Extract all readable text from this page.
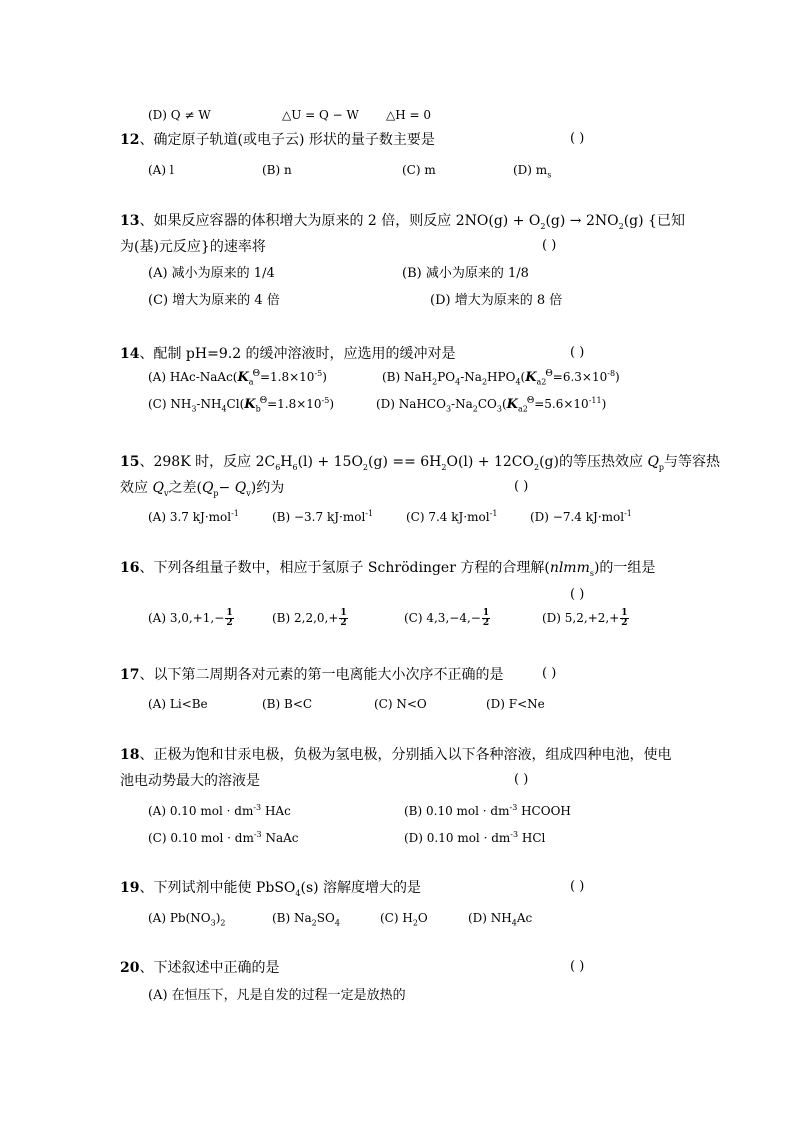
(D) Q ≠ W	△U = Q − W △H = 0
12、确定原子轨道(或电子云) 形状的量子数主要是	( )
(A) l	(B) n	(C) m	(D) $m_s$
13、如果反应容器的体积增大为原来的 2 倍，则反应 $2NO(g) + O_2(g) \to 2NO_2(g)$ {已知
为(基)元反应}的速率将	( )
(A) 减小为原来的 1/4	(B) 减小为原来的 1/8
(C) 增大为原来的 4 倍	(D) 增大为原来的 8 倍
14、配制 pH=9.2 的缓冲溶液时，应选用的缓冲对是	( )
(A) HAc-$NaAc(K_a^\Theta=1.8\times 10^{-5})$	(B) $NaH_2PO_4-Na_2HPO_4(K_{a2}^\Theta=6.3\times 10^{-8})$
(C) $NH_3-NH_4Cl(K_b^\Theta=1.8\times 10^{-5})$	(D) $NaHCO_3-Na_2CO_3(K_{a2}^\Theta=5.6\times 10^{-11})$
15、298K 时，反应 $2C_6H_6(l) + 15O_2(g) == 6H_2O(l) + 12CO_2(g)$的等压热效应 $Q_p$与等容热
效应 $Q_v$之差$(Q_p- Q_v)$约为	( )
(A) 3.7 kJ·mol$^{-1}$	(B) −3.7 kJ·mol$^{-1}$	(C) 7.4 kJ·mol$^{-1}$	(D) −7.4 kJ·mol$^{-1}$
16、下列各组量子数中，相应于氢原子 Schrödinger 方程的合理解(nlmm$_s$)的一组是
( )
(A) $3,0,+1,- \frac{1}{2}$	(B) $2,2,0,+ \frac{1}{2}$	(C) $4,3,-4,- \frac{1}{2}$	(D) $5,2,+2,+ \frac{1}{2}$
17、以下第二周期各对元素的第一电离能大小次序不正确的是	( )
(A) Li<Be	(B) B<C	(C) N<O	(D) F<Ne
18、正极为饱和甘汞电极，负极为氢电极，分别插入以下各种溶液，组成四种电池，使电
池电动势最大的溶液是	( )
(A) 0.10 mol · $dm^{-3}$ HAc	(B) 0.10 mol · $dm^{-3}$ HCOOH
(C) 0.10 mol · $dm^{-3}$ NaAc	(D) 0.10 mol · $dm^{-3}$ HCl
19、下列试剂中能使 PbSO$_4$(s) 溶解度增大的是	( )
(A) $Pb(NO_3)_2$	(B) $Na_2SO_4$	(C) $H_2O$	(D) $NH_4Ac$
20、下述叙述中正确的是	( )
(A) 在恒压下，凡是自发的过程一定是放热的
